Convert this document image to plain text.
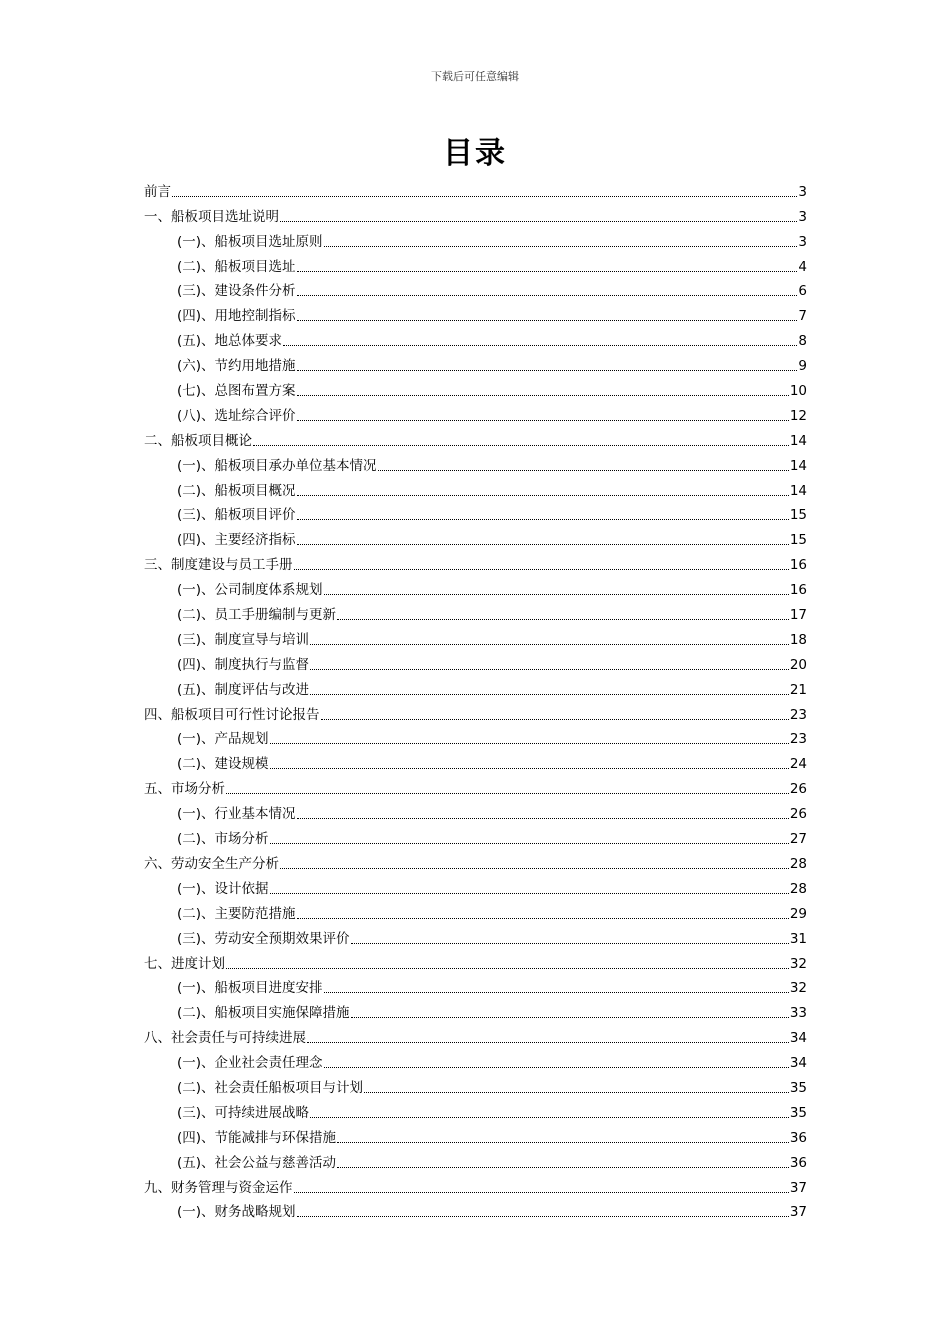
下载后可任意编辑
目录
前言	3
一、船板项目选址说明	3
(一)、船板项目选址原则	3
(二)、船板项目选址	4
(三)、建设条件分析	6
(四)、用地控制指标	7
(五)、地总体要求	8
(六)、节约用地措施	9
(七)、总图布置方案	10
(八)、选址综合评价	12
二、船板项目概论	14
(一)、船板项目承办单位基本情况	14
(二)、船板项目概况	14
(三)、船板项目评价	15
(四)、主要经济指标	15
三、制度建设与员工手册	16
(一)、公司制度体系规划	16
(二)、员工手册编制与更新	17
(三)、制度宣导与培训	18
(四)、制度执行与监督	20
(五)、制度评估与改进	21
四、船板项目可行性讨论报告	23
(一)、产品规划	23
(二)、建设规模	24
五、市场分析	26
(一)、行业基本情况	26
(二)、市场分析	27
六、劳动安全生产分析	28
(一)、设计依据	28
(二)、主要防范措施	29
(三)、劳动安全预期效果评价	31
七、进度计划	32
(一)、船板项目进度安排	32
(二)、船板项目实施保障措施	33
八、社会责任与可持续进展	34
(一)、企业社会责任理念	34
(二)、社会责任船板项目与计划	35
(三)、可持续进展战略	35
(四)、节能减排与环保措施	36
(五)、社会公益与慈善活动	36
九、财务管理与资金运作	37
(一)、财务战略规划	37
